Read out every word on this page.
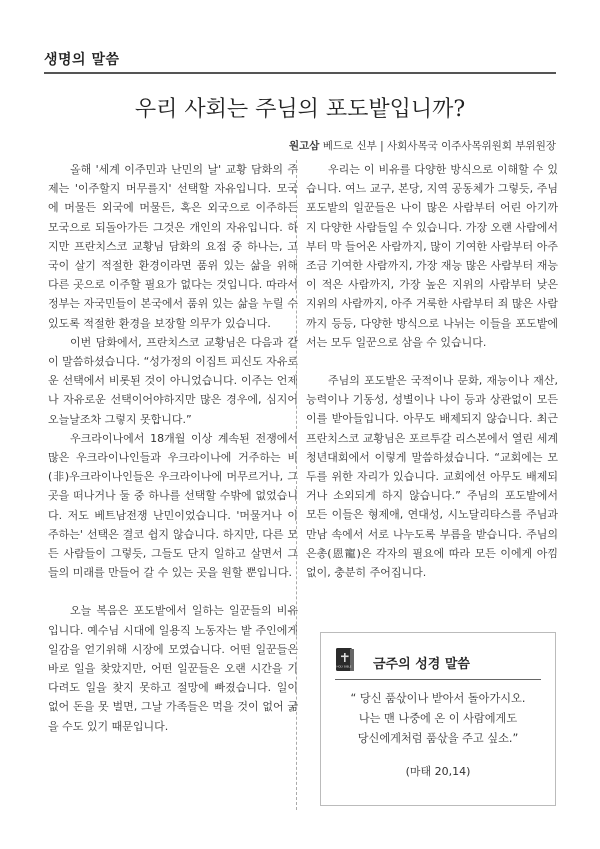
생명의 말씀
우리 사회는 주님의 포도밭입니까?
원고삼 베드로 신부 | 사회사목국 이주사목위원회 부위원장

올해 '세계 이주민과 난민의 날' 교황 담화의 주제는 '이주할지 머무를지' 선택할 자유입니다. 모국에 머물든 외국에 머물든, 혹은 외국으로 이주하든 모국으로 되돌아가든 그것은 개인의 자유입니다. 하지만 프란치스코 교황님 담화의 요점 중 하나는, 고국이 살기 적절한 환경이라면 품위 있는 삶을 위해 다른 곳으로 이주할 필요가 없다는 것입니다. 따라서 정부는 자국민들이 본국에서 품위 있는 삶을 누릴 수 있도록 적절한 환경을 보장할 의무가 있습니다.

이번 담화에서, 프란치스코 교황님은 다음과 같이 말씀하셨습니다. “성가정의 이집트 피신도 자유로운 선택에서 비롯된 것이 아니었습니다. 이주는 언제나 자유로운 선택이어야하지만 많은 경우에, 심지어 오늘날조차 그렇지 못합니다.”

우크라이나에서 18개월 이상 계속된 전쟁에서 많은 우크라이나인들과 우크라이나에 거주하는 비(非)우크라이나인들은 우크라이나에 머무르거나, 그곳을 떠나거나 둘 중 하나를 선택할 수밖에 없었습니다. 저도 베트남전쟁 난민이었습니다. '머물거나 이주하는' 선택은 결코 쉽지 않습니다. 하지만, 다른 모든 사람들이 그렇듯, 그들도 단지 일하고 살면서 그들의 미래를 만들어 갈 수 있는 곳을 원할 뿐입니다.

오늘 복음은 포도밭에서 일하는 일꾼들의 비유입니다. 예수님 시대에 일용직 노동자는 밭 주인에게 일감을 얻기위해 시장에 모였습니다. 어떤 일꾼들은 바로 일을 찾았지만, 어떤 일꾼들은 오랜 시간을 기다려도 일을 찾지 못하고 절망에 빠졌습니다. 일이 없어 돈을 못 벌면, 그날 가족들은 먹을 것이 없어 굶을 수도 있기 때문입니다.

우리는 이 비유를 다양한 방식으로 이해할 수 있습니다. 여느 교구, 본당, 지역 공동체가 그렇듯, 주님 포도밭의 일꾼들은 나이 많은 사람부터 어린 아기까지 다양한 사람들일 수 있습니다. 가장 오랜 사람에서부터 막 들어온 사람까지, 많이 기여한 사람부터 아주 조금 기여한 사람까지, 가장 재능 많은 사람부터 재능이 적은 사람까지, 가장 높은 지위의 사람부터 낮은 지위의 사람까지, 아주 거룩한 사람부터 죄 많은 사람까지 등등, 다양한 방식으로 나뉘는 이들을 포도밭에서는 모두 일꾼으로 삼을 수 있습니다.

주님의 포도밭은 국적이나 문화, 재능이나 재산, 능력이나 기동성, 성별이나 나이 등과 상관없이 모든 이를 받아들입니다. 아무도 배제되지 않습니다. 최근 프란치스코 교황님은 포르투갈 리스본에서 열린 세계청년대회에서 이렇게 말씀하셨습니다. “교회에는 모두를 위한 자리가 있습니다. 교회에선 아무도 배제되거나 소외되게 하지 않습니다.” 주님의 포도밭에서 모든 이들은 형제애, 연대성, 시노달리타스를 주님과 만남 속에서 서로 나누도록 부름을 받습니다. 주님의 은총(恩寵)은 각자의 필요에 따라 모든 이에게 아낌없이, 충분히 주어집니다.

HOLY BIBLE 금주의 성경 말씀
“ 당신 품삯이나 받아서 돌아가시오.
나는 맨 나중에 온 이 사람에게도
당신에게처럼 품삯을 주고 싶소.”
(마태 20,14)
